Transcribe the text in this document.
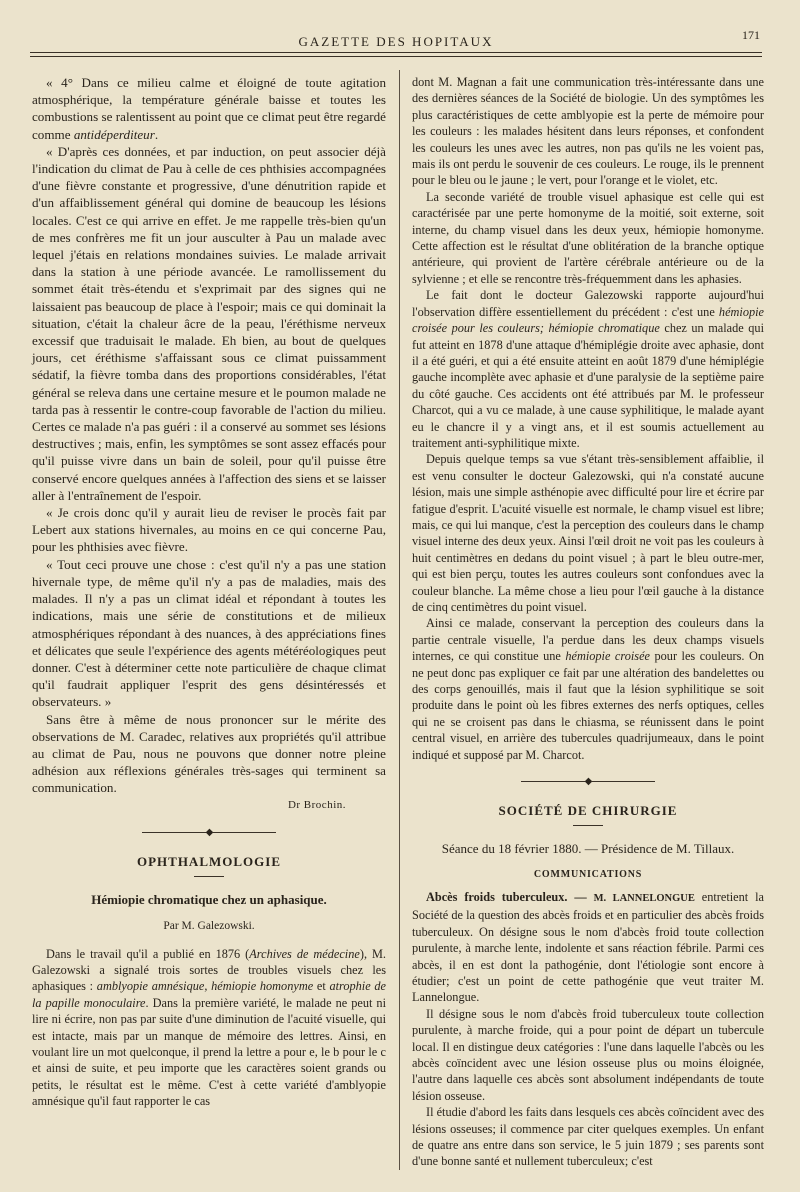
GAZETTE DES HOPITAUX	171

« 4° Dans ce milieu calme et éloigné de toute agitation atmosphérique, la température générale baisse et toutes les combustions se ralentissent au point que ce climat peut être regardé comme antidéperditeur.

« D'après ces données, et par induction, on peut associer déjà l'indication du climat de Pau à celle de ces phthisies accompagnées d'une fièvre constante et progressive, d'une dénutrition rapide et d'un affaiblissement général qui domine de beaucoup les lésions locales. C'est ce qui arrive en effet. Je me rappelle très-bien qu'un de mes confrères me fit un jour ausculter à Pau un malade avec lequel j'étais en relations mondaines suivies. Le malade arrivait dans la station à une période avancée. Le ramollissement du sommet était très-étendu et s'exprimait par des signes qui ne laissaient pas beaucoup de place à l'espoir; mais ce qui dominait la situation, c'était la chaleur âcre de la peau, l'éréthisme nerveux excessif que traduisait le malade. Eh bien, au bout de quelques jours, cet éréthisme s'affaissant sous ce climat puissamment sédatif, la fièvre tomba dans des proportions considérables, l'état général se releva dans une certaine mesure et le poumon malade ne tarda pas à ressentir le contre-coup favorable de l'action du milieu. Certes ce malade n'a pas guéri : il a conservé au sommet ses lésions destructives ; mais, enfin, les symptômes se sont assez effacés pour qu'il puisse vivre dans un bain de soleil, pour qu'il puisse être conservé encore quelques années à l'affection des siens et se laisser aller à l'entraînement de l'espoir.

« Je crois donc qu'il y aurait lieu de reviser le procès fait par Lebert aux stations hivernales, au moins en ce qui concerne Pau, pour les phthisies avec fièvre.

« Tout ceci prouve une chose : c'est qu'il n'y a pas une station hivernale type, de même qu'il n'y a pas de maladies, mais des malades. Il n'y a pas un climat idéal et répondant à toutes les indications, mais une série de constitutions et de milieux atmosphériques répondant à des nuances, à des appréciations fines et délicates que seule l'expérience des agents météréologiques peut donner. C'est à déterminer cette note particulière de chaque climat qu'il faudrait appliquer l'esprit des gens désintéressés et observateurs. »

Sans être à même de nous prononcer sur le mérite des observations de M. Caradec, relatives aux propriétés qu'il attribue au climat de Pau, nous ne pouvons que donner notre pleine adhésion aux réflexions générales très-sages qui terminent sa communication.

Dr Brochin.
◆
OPHTHALMOLOGIE
Hémiopie chromatique chez un aphasique.
Par M. Galezowski.

Dans le travail qu'il a publié en 1876 (Archives de médecine), M. Galezowski a signalé trois sortes de troubles visuels chez les aphasiques : amblyopie amnésique, hémiopie homonyme et atrophie de la papille monoculaire. Dans la première variété, le malade ne peut ni lire ni écrire, non pas par suite d'une diminution de l'acuité visuelle, qui est intacte, mais par un manque de mémoire des lettres. Ainsi, en voulant lire un mot quelconque, il prend la lettre a pour e, le b pour le c et ainsi de suite, et peu importe que les caractères soient grands ou petits, le résultat est le même. C'est à cette variété d'amblyopie amnésique qu'il faut rapporter le cas

dont M. Magnan a fait une communication très-intéressante dans une des dernières séances de la Société de biologie. Un des symptômes les plus caractéristiques de cette amblyopie est la perte de mémoire pour les couleurs : les malades hésitent dans leurs réponses, et confondent les couleurs les unes avec les autres, non pas qu'ils ne les voient pas, mais ils ont perdu le souvenir de ces couleurs. Le rouge, ils le prennent pour le bleu ou le jaune ; le vert, pour l'orange et le violet, etc.

La seconde variété de trouble visuel aphasique est celle qui est caractérisée par une perte homonyme de la moitié, soit externe, soit interne, du champ visuel dans les deux yeux, hémiopie homonyme. Cette affection est le résultat d'une oblitération de la branche optique antérieure, qui provient de l'artère cérébrale antérieure ou de la sylvienne ; et elle se rencontre très-fréquemment dans les aphasies.

Le fait dont le docteur Galezowski rapporte aujourd'hui l'observation diffère essentiellement du précédent : c'est une hémiopie croisée pour les couleurs; hémiopie chromatique chez un malade qui fut atteint en 1878 d'une attaque d'hémiplégie droite avec aphasie, dont il a été guéri, et qui a été ensuite atteint en août 1879 d'une hémiplégie gauche incomplète avec aphasie et d'une paralysie de la septième paire du côté gauche. Ces accidents ont été attribués par M. le professeur Charcot, qui a vu ce malade, à une cause syphilitique, le malade ayant eu le chancre il y a vingt ans, et il est soumis actuellement au traitement anti-syphilitique mixte.

Depuis quelque temps sa vue s'étant très-sensiblement affaiblie, il est venu consulter le docteur Galezowski, qui n'a constaté aucune lésion, mais une simple asthénopie avec difficulté pour lire et écrire par fatigue d'esprit. L'acuité visuelle est normale, le champ visuel est libre; mais, ce qui lui manque, c'est la perception des couleurs dans le champ visuel interne des deux yeux. Ainsi l'œil droit ne voit pas les couleurs à huit centimètres en dedans du point visuel ; à part le bleu outre-mer, qui est bien perçu, toutes les autres couleurs sont confondues avec la couleur blanche. La même chose a lieu pour l'œil gauche à la distance de cinq centimètres du point visuel.

Ainsi ce malade, conservant la perception des couleurs dans la partie centrale visuelle, l'a perdue dans les deux champs visuels internes, ce qui constitue une hémiopie croisée pour les couleurs. On ne peut donc pas expliquer ce fait par une altération des bandelettes ou des corps genouillés, mais il faut que la lésion syphilitique se soit produite dans le point où les fibres externes des nerfs optiques, celles qui ne se croisent pas dans le chiasma, se réunissent dans le point central visuel, en arrière des tubercules quadrijumeaux, dans le point indiqué et supposé par M. Charcot.

◆
SOCIÉTÉ DE CHIRURGIE
Séance du 18 février 1880. — Présidence de M. Tillaux.
COMMUNICATIONS

Abcès froids tuberculeux. — M. LANNELONGUE entretient la Société de la question des abcès froids et en particulier des abcès froids tuberculeux. On désigne sous le nom d'abcès froid toute collection purulente, à marche lente, indolente et sans réaction fébrile. Parmi ces abcès, il en est dont la pathogénie, dont l'étiologie sont encore à étudier; c'est un point de cette pathogénie que veut traiter M. Lannelongue.

Il désigne sous le nom d'abcès froid tuberculeux toute collection purulente, à marche froide, qui a pour point de départ un tubercule local. Il en distingue deux catégories : l'une dans laquelle l'abcès ou les abcès coïncident avec une lésion osseuse plus ou moins éloignée, l'autre dans laquelle ces abcès sont absolument indépendants de toute lésion osseuse.

Il étudie d'abord les faits dans lesquels ces abcès coïncident avec des lésions osseuses; il commence par citer quelques exemples. Un enfant de quatre ans entre dans son service, le 5 juin 1879 ; ses parents sont d'une bonne santé et nullement tuberculeux; c'est
